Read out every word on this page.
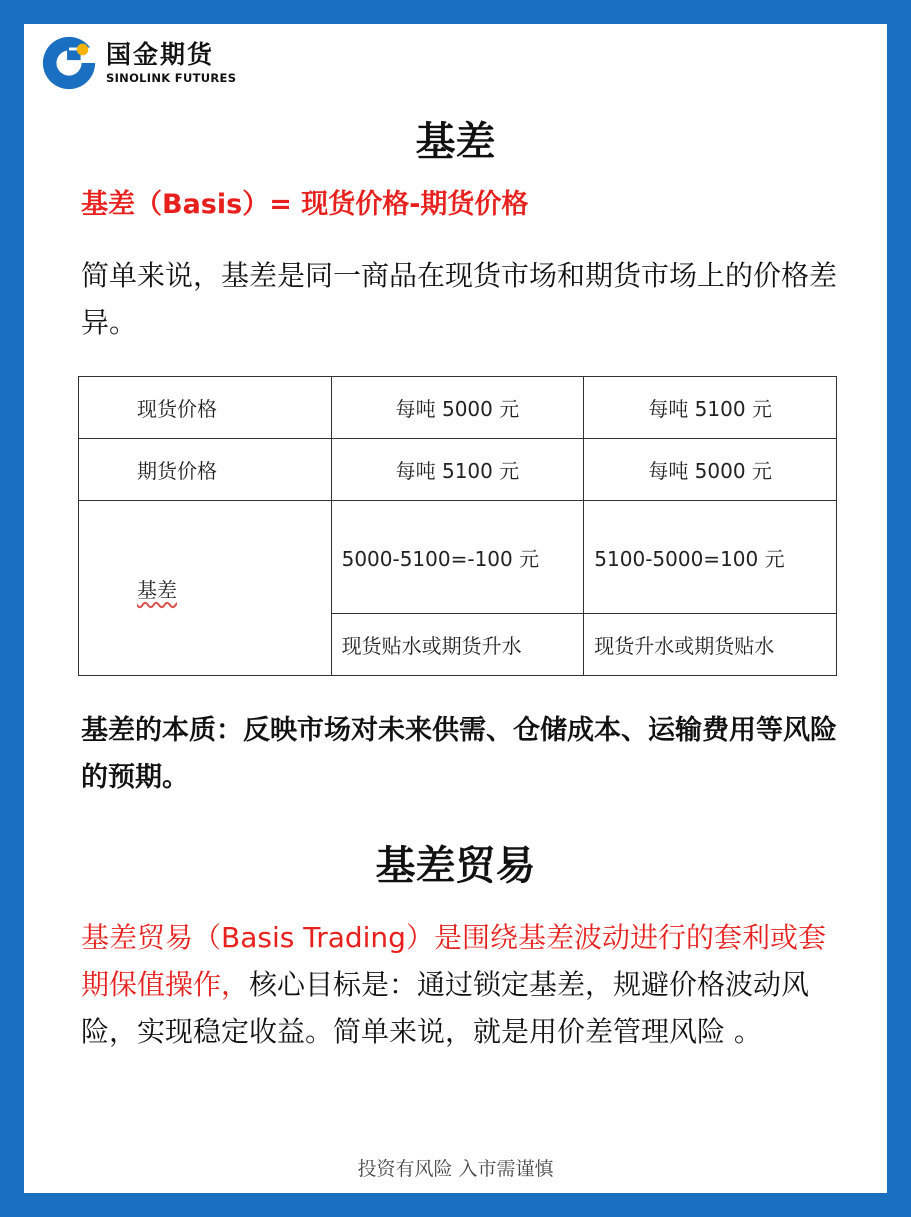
国金期货
SINOLINK FUTURES
基差
基差（Basis）= 现货价格-期货价格
简单来说，基差是同一商品在现货市场和期货市场上的价格差异。
现货价格	每吨 5000 元	每吨 5100 元
期货价格	每吨 5100 元	每吨 5000 元
基差	5000-5100=-100 元	5100-5000=100 元
	现货贴水或期货升水	现货升水或期货贴水
基差的本质：反映市场对未来供需、仓储成本、运输费用等风险的预期。
基差贸易
基差贸易（Basis Trading）是围绕基差波动进行的套利或套期保值操作，核心目标是：通过锁定基差，规避价格波动风险，实现稳定收益。简单来说，就是用价差管理风险 。
投资有风险 入市需谨慎
